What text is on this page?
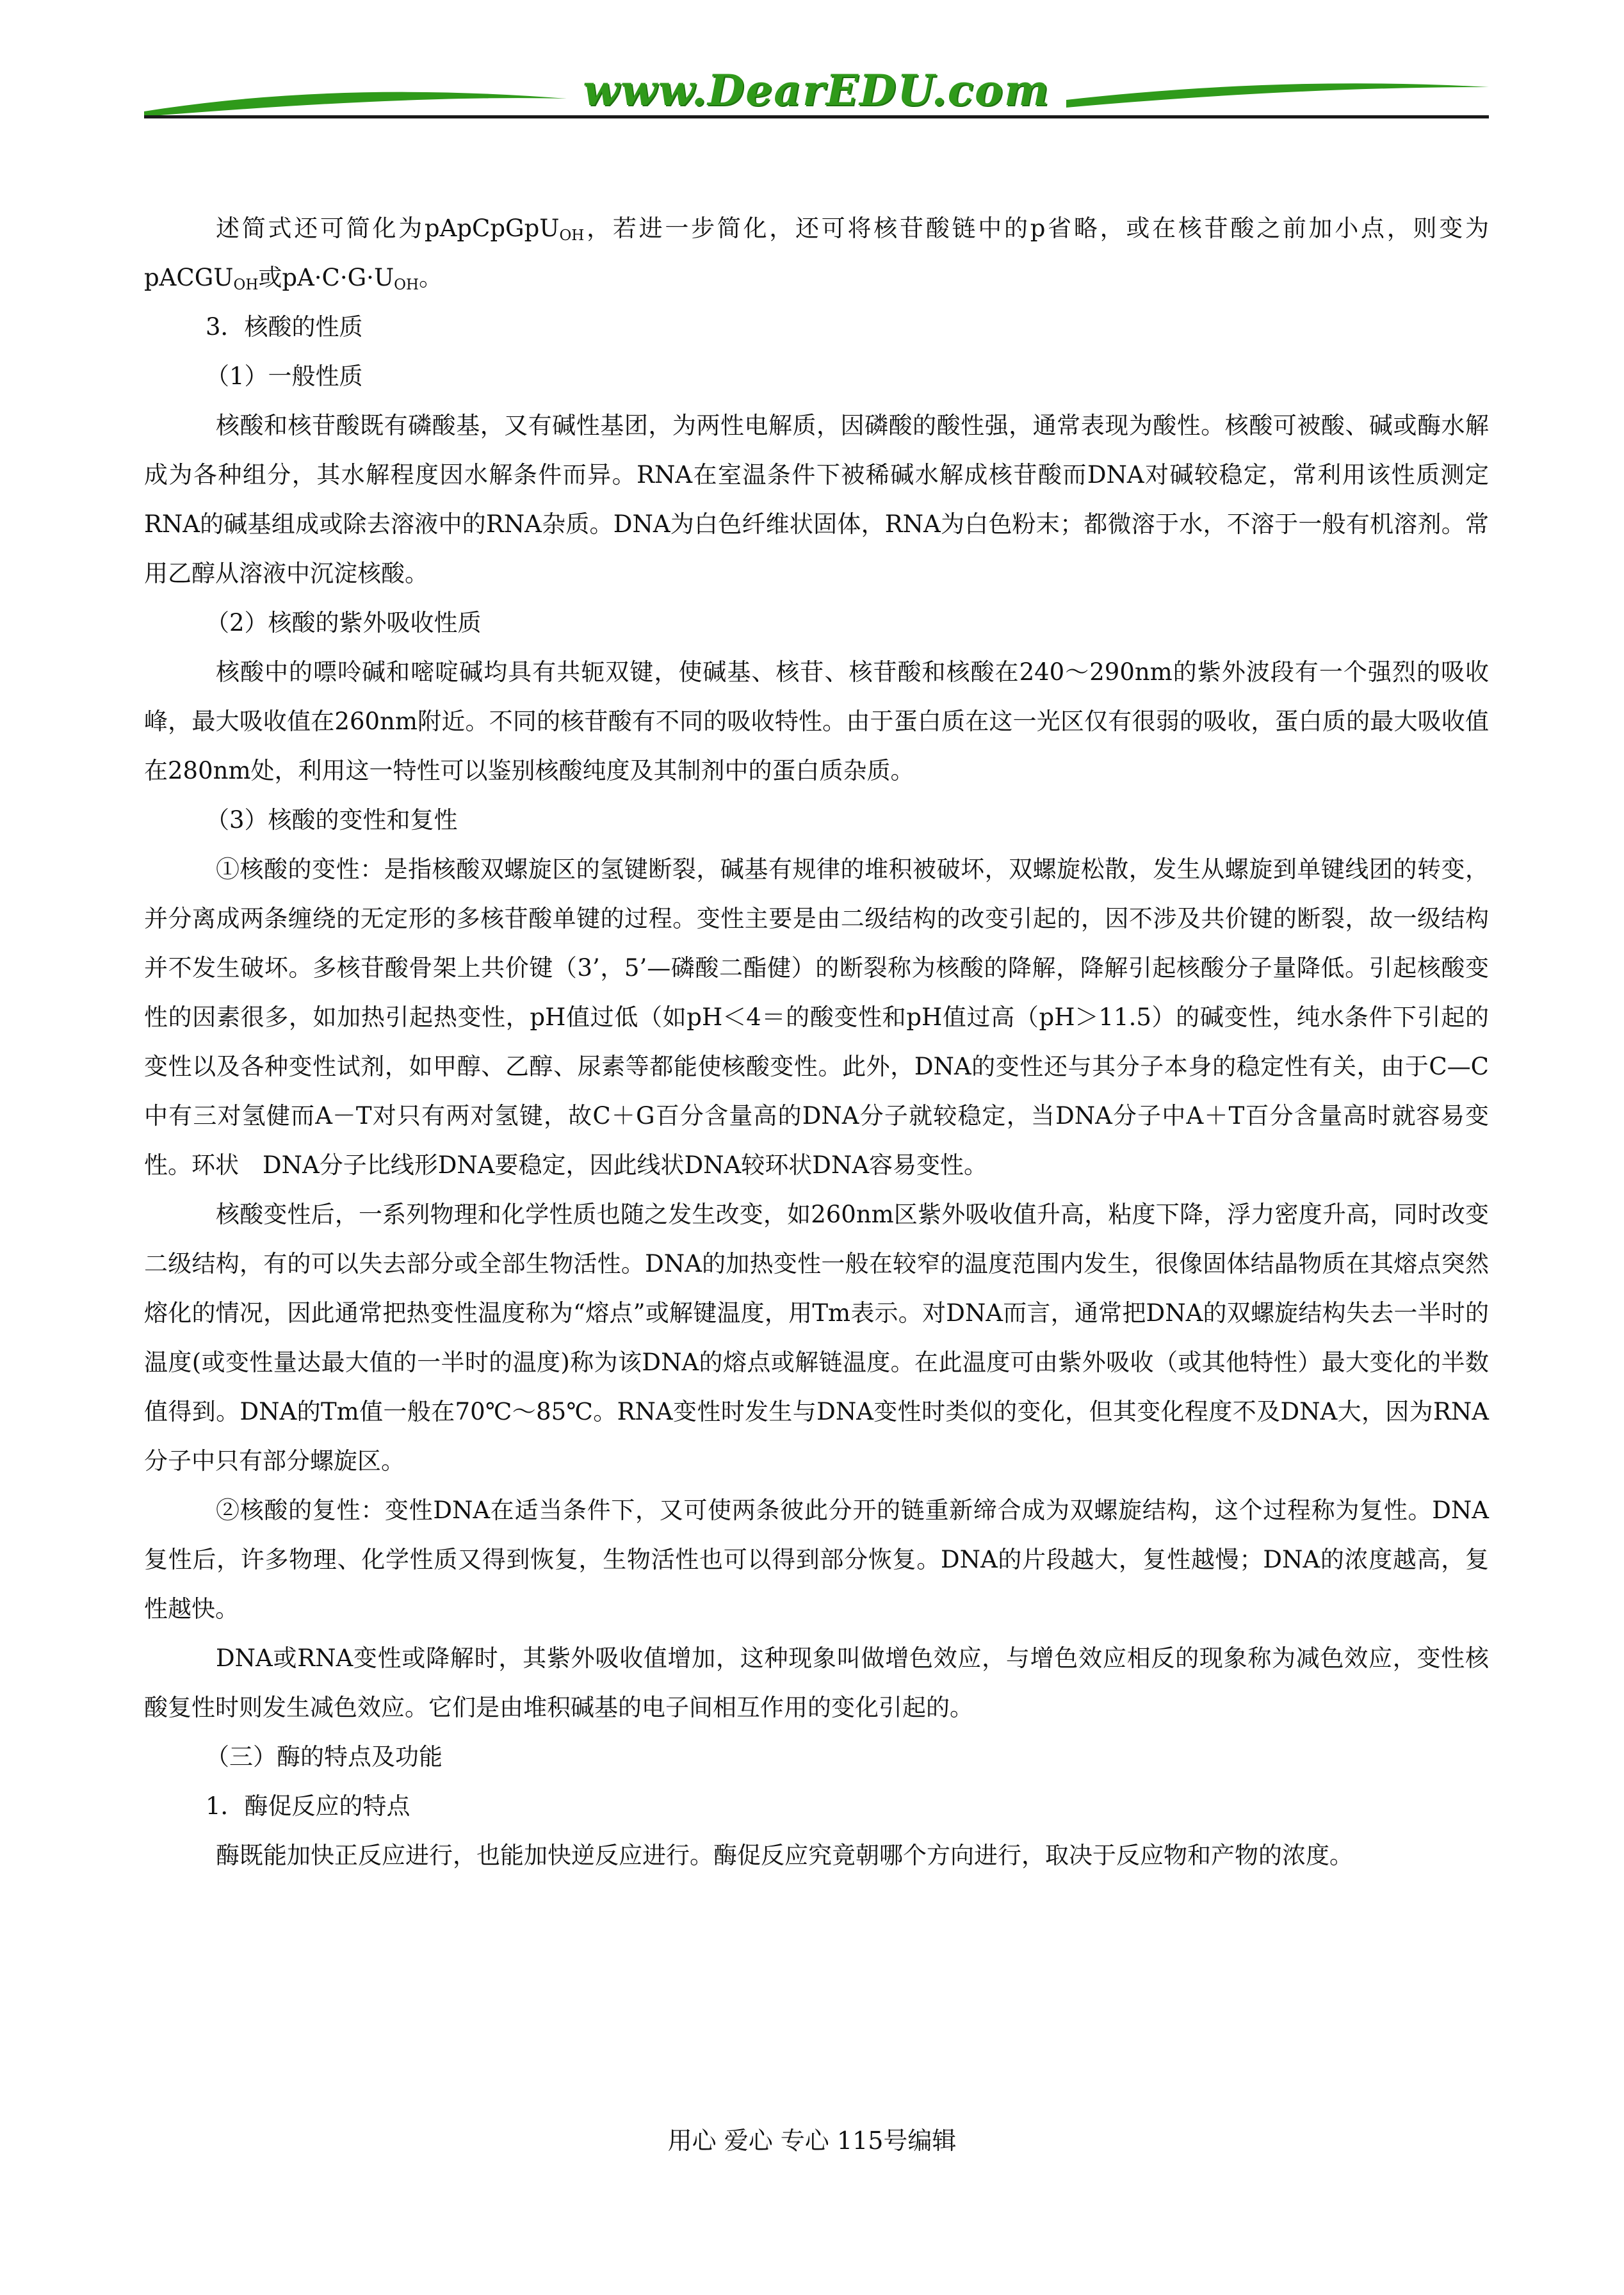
www.DearEDU.com

述简式还可简化为pApCpGpU$_{OH}$，若进一步简化，还可将核苷酸链中的p省略，或在核苷酸之前加小点，则变为pACGU$_{OH}$或$pA\cdot C\cdot G\cdot U_{OH}$。

3．核酸的性质

（1）一般性质

核酸和核苷酸既有磷酸基，又有碱性基团，为两性电解质，因磷酸的酸性强，通常表现为酸性。核酸可被酸、碱或酶水解成为各种组分，其水解程度因水解条件而异。RNA在室温条件下被稀碱水解成核苷酸而DNA对碱较稳定，常利用该性质测定RNA的碱基组成或除去溶液中的RNA杂质。DNA为白色纤维状固体，RNA为白色粉末；都微溶于水，不溶于一般有机溶剂。常用乙醇从溶液中沉淀核酸。

（2）核酸的紫外吸收性质

核酸中的嘌呤碱和嘧啶碱均具有共轭双键，使碱基、核苷、核苷酸和核酸在240～290nm的紫外波段有一个强烈的吸收峰，最大吸收值在260nm附近。不同的核苷酸有不同的吸收特性。由于蛋白质在这一光区仅有很弱的吸收，蛋白质的最大吸收值在280nm处，利用这一特性可以鉴别核酸纯度及其制剂中的蛋白质杂质。

（3）核酸的变性和复性

①核酸的变性：是指核酸双螺旋区的氢键断裂，碱基有规律的堆积被破坏，双螺旋松散，发生从螺旋到单键线团的转变，并分离成两条缠绕的无定形的多核苷酸单键的过程。变性主要是由二级结构的改变引起的，因不涉及共价键的断裂，故一级结构并不发生破坏。多核苷酸骨架上共价键（3’，5’—磷酸二酯健）的断裂称为核酸的降解，降解引起核酸分子量降低。引起核酸变性的因素很多，如加热引起热变性，pH值过低（如pH＜4＝的酸变性和pH值过高（pH＞11.5）的碱变性，纯水条件下引起的变性以及各种变性试剂，如甲醇、乙醇、尿素等都能使核酸变性。此外，DNA的变性还与其分子本身的稳定性有关，由于C—C中有三对氢健而A－T对只有两对氢键，故C＋G百分含量高的DNA分子就较稳定，当DNA分子中A＋T百分含量高时就容易变性。环状　DNA分子比线形DNA要稳定，因此线状DNA较环状DNA容易变性。

核酸变性后，一系列物理和化学性质也随之发生改变，如260nm区紫外吸收值升高，粘度下降，浮力密度升高，同时改变二级结构，有的可以失去部分或全部生物活性。DNA的加热变性一般在较窄的温度范围内发生，很像固体结晶物质在其熔点突然熔化的情况，因此通常把热变性温度称为“熔点”或解键温度，用Tm表示。对DNA而言，通常把DNA的双螺旋结构失去一半时的温度(或变性量达最大值的一半时的温度)称为该DNA的熔点或解链温度。在此温度可由紫外吸收（或其他特性）最大变化的半数值得到。DNA的Tm值一般在70℃～85℃。RNA变性时发生与DNA变性时类似的变化，但其变化程度不及DNA大，因为RNA分子中只有部分螺旋区。

②核酸的复性：变性DNA在适当条件下，又可使两条彼此分开的链重新缔合成为双螺旋结构，这个过程称为复性。DNA复性后，许多物理、化学性质又得到恢复，生物活性也可以得到部分恢复。DNA的片段越大，复性越慢；DNA的浓度越高，复性越快。

DNA或RNA变性或降解时，其紫外吸收值增加，这种现象叫做增色效应，与增色效应相反的现象称为减色效应，变性核酸复性时则发生减色效应。它们是由堆积碱基的电子间相互作用的变化引起的。

（三）酶的特点及功能

1．酶促反应的特点

酶既能加快正反应进行，也能加快逆反应进行。酶促反应究竟朝哪个方向进行，取决于反应物和产物的浓度。

用心 爱心 专心 115号编辑
